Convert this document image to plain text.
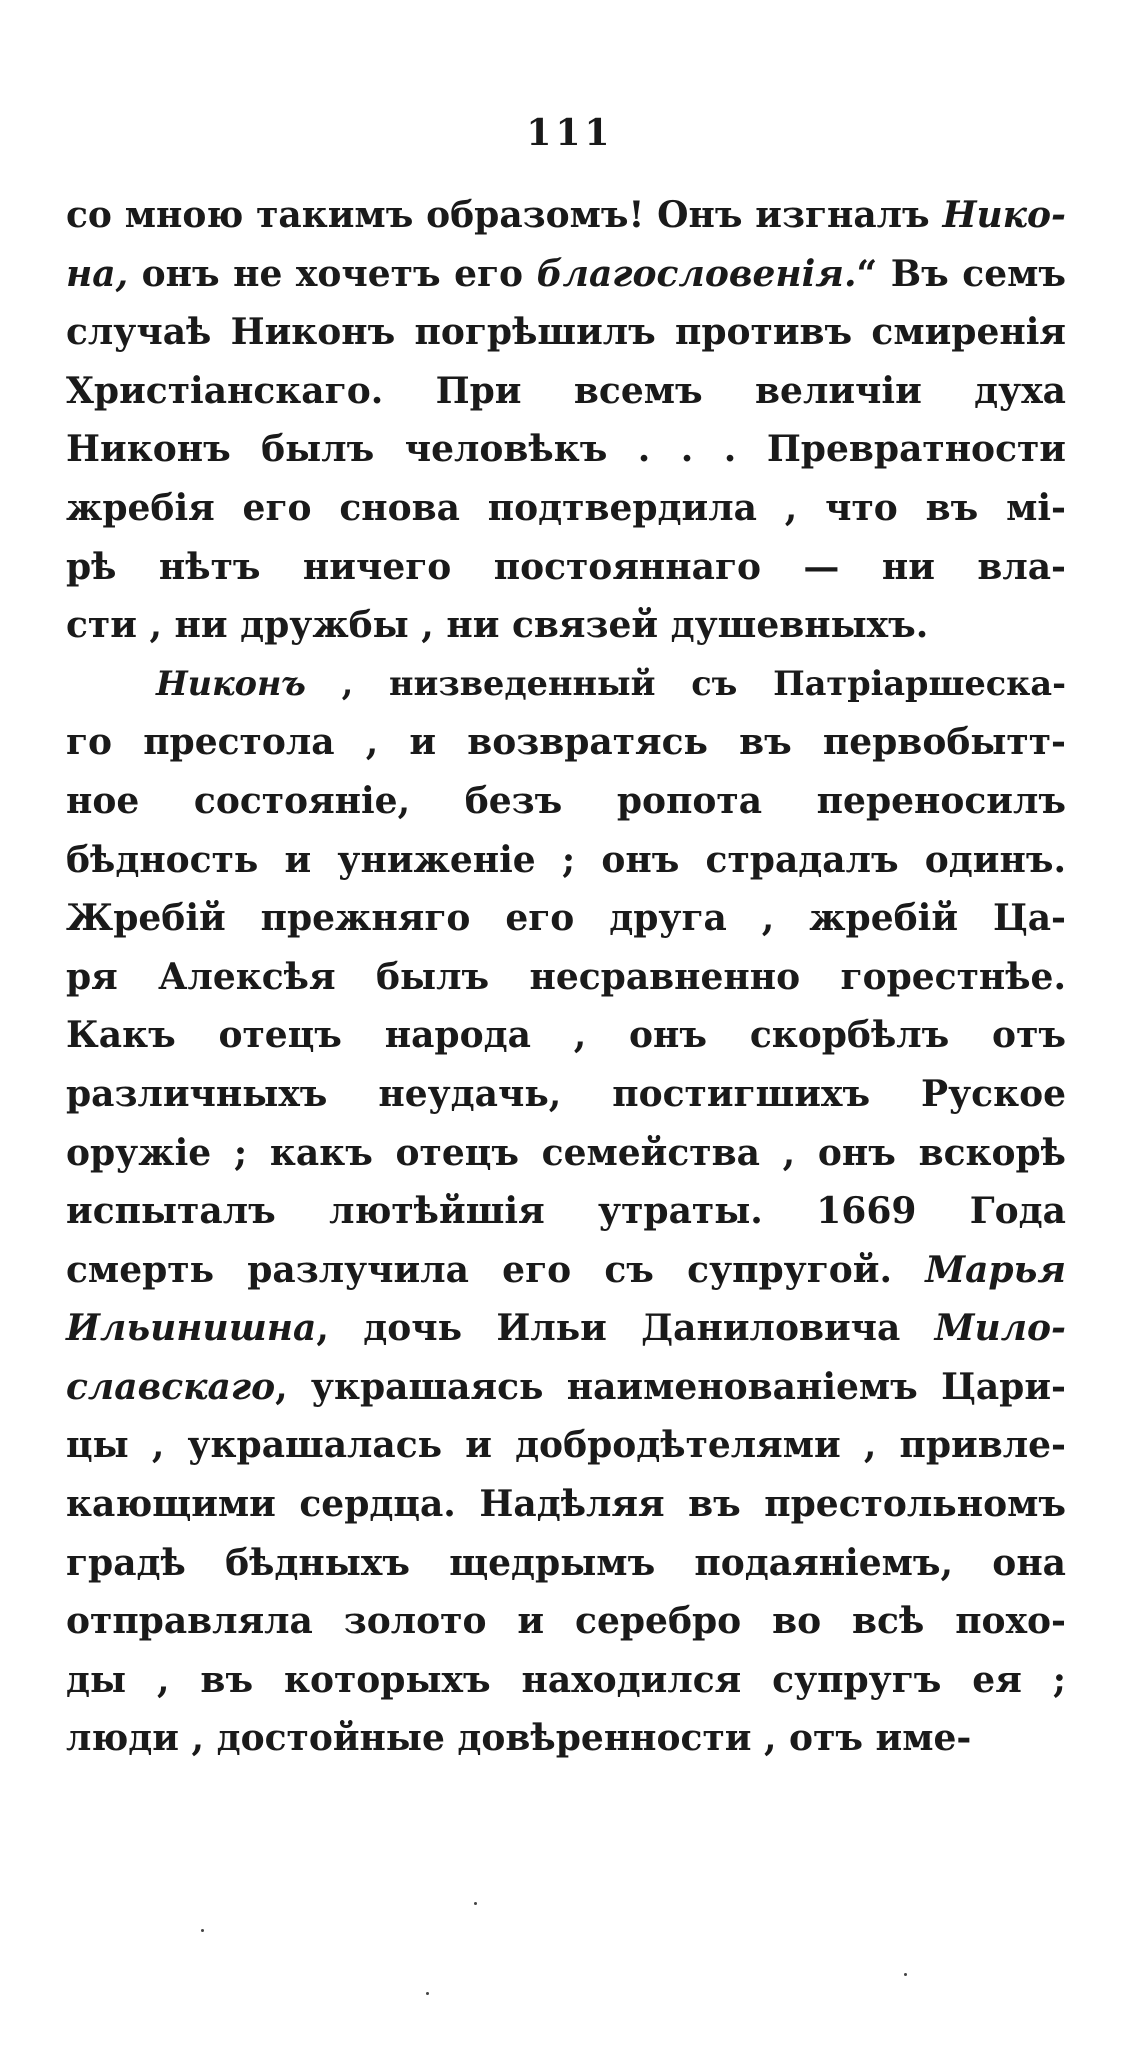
111
со мною такимъ образомъ! Онъ изгналъ Нико-
на, онъ не хочетъ его благословенія.“ Въ семъ
случаѣ Никонъ погрѣшилъ противъ смиренія
Христіанскаго. При всемъ величіи духа
Никонъ былъ человѣкъ . . . Превратности
жребія его снова подтвердила , что въ мі-
рѣ нѣтъ ничего постояннаго — ни вла-
сти , ни дружбы , ни связей душевныхъ.
Никонъ , низведенный съ Патріаршеска-
го престола , и возвратясь въ первобытт-
ное состояніе, безъ ропота переносилъ
бѣдность и униженіе ; онъ страдалъ одинъ.
Жребій прежняго его друга , жребій Ца-
ря Алексѣя былъ несравненно горестнѣе.
Какъ отецъ народа , онъ скорбѣлъ отъ
различныхъ неудачь, постигшихъ Руское
оружіе ; какъ отецъ семейства , онъ вскорѣ
испыталъ лютѣйшія утраты. 1669 Года
смерть разлучила его съ супругой. Марья
Ильинишна, дочь Ильи Даниловича Мило-
славскаго, украшаясь наименованіемъ Цари-
цы , украшалась и добродѣтелями , привле-
кающими сердца. Надѣляя въ престольномъ
градѣ бѣдныхъ щедрымъ подаяніемъ, она
отправляла золото и серебро во всѣ похо-
ды , въ которыхъ находился супругъ ея ;
люди , достойные довѣренности , отъ име-
